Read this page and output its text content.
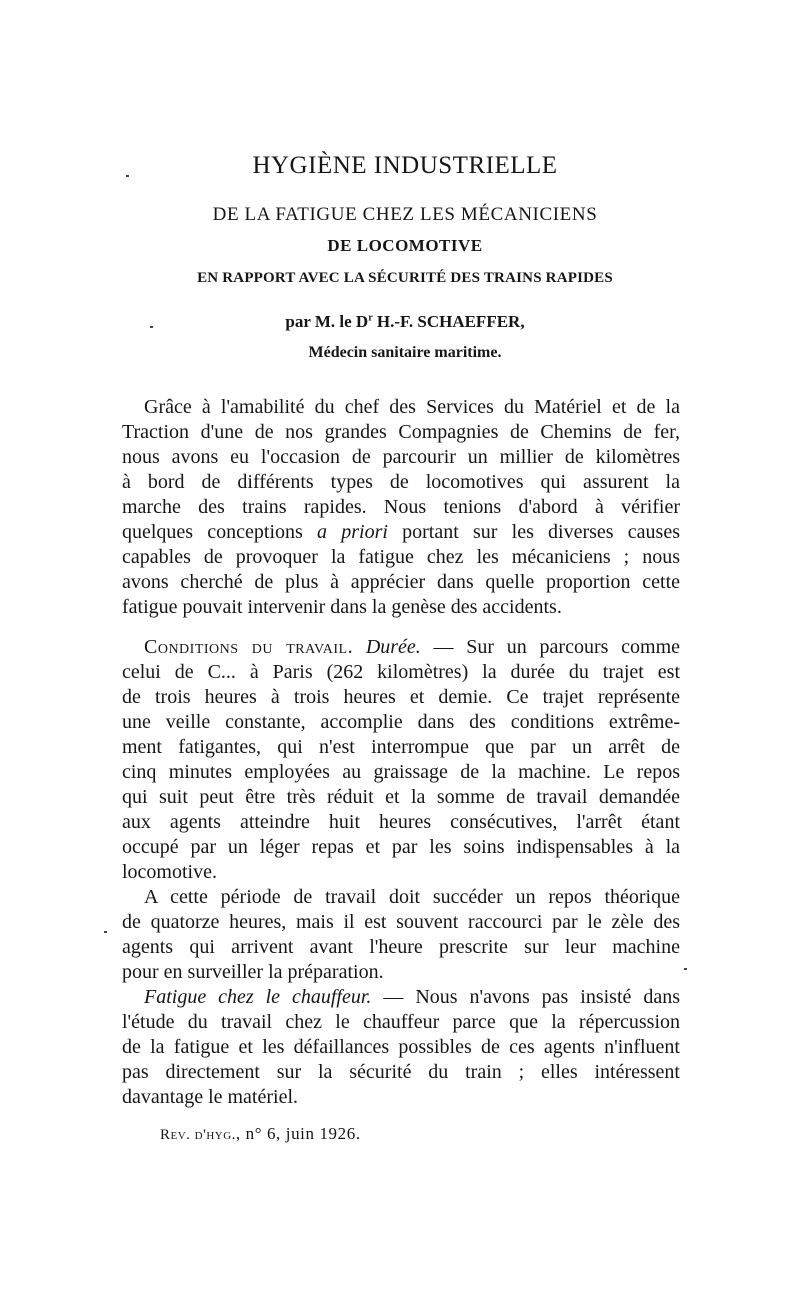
HYGIÈNE INDUSTRIELLE
DE LA FATIGUE CHEZ LES MÉCANICIENS
DE LOCOMOTIVE
EN RAPPORT AVEC LA SÉCURITÉ DES TRAINS RAPIDES
par M. le $D^r$ H.-F. SCHAEFFER,
Médecin sanitaire maritime.
Grâce à l'amabilité du chef des Services du Matériel et de la
Traction d'une de nos grandes Compagnies de Chemins de fer,
nous avons eu l'occasion de parcourir un millier de kilomètres
à bord de différents types de locomotives qui assurent la
marche des trains rapides. Nous tenions d'abord à vérifier
quelques conceptions a priori portant sur les diverses causes
capables de provoquer la fatigue chez les mécaniciens ; nous
avons cherché de plus à apprécier dans quelle proportion cette
fatigue pouvait intervenir dans la genèse des accidents.
Conditions du travail. Durée. — Sur un parcours comme
celui de C... à Paris (262 kilomètres) la durée du trajet est
de trois heures à trois heures et demie. Ce trajet représente
une veille constante, accomplie dans des conditions extrême-
ment fatigantes, qui n'est interrompue que par un arrêt de
cinq minutes employées au graissage de la machine. Le repos
qui suit peut être très réduit et la somme de travail demandée
aux agents atteindre huit heures consécutives, l'arrêt étant
occupé par un léger repas et par les soins indispensables à la
locomotive.
A cette période de travail doit succéder un repos théorique
de quatorze heures, mais il est souvent raccourci par le zèle des
agents qui arrivent avant l'heure prescrite sur leur machine
pour en surveiller la préparation.
Fatigue chez le chauffeur. — Nous n'avons pas insisté dans
l'étude du travail chez le chauffeur parce que la répercussion
de la fatigue et les défaillances possibles de ces agents n'influent
pas directement sur la sécurité du train ; elles intéressent
davantage le matériel.
Rev. d'hyg., n° 6, juin 1926.
